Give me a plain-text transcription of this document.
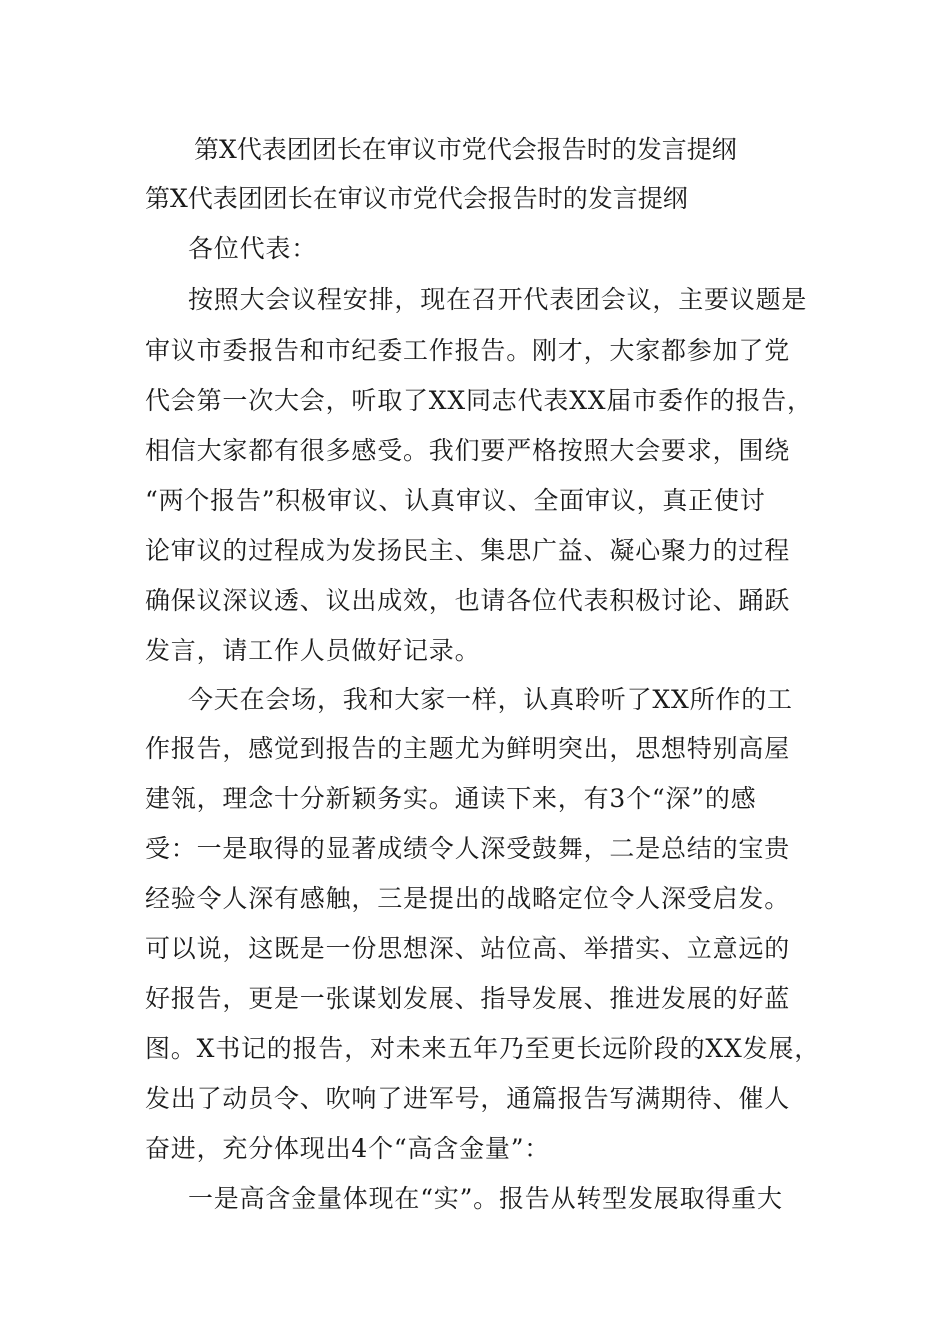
第X代表团团长在审议市党代会报告时的发言提纲
第X代表团团长在审议市党代会报告时的发言提纲
各位代表：
按照大会议程安排，现在召开代表团会议，主要议题是
审议市委报告和市纪委工作报告。刚才，大家都参加了党
代会第一次大会，听取了XX同志代表XX届市委作的报告，
相信大家都有很多感受。我们要严格按照大会要求，围绕
“两个报告”积极审议、认真审议、全面审议，真正使讨
论审议的过程成为发扬民主、集思广益、凝心聚力的过程
确保议深议透、议出成效，也请各位代表积极讨论、踊跃
发言，请工作人员做好记录。
今天在会场，我和大家一样，认真聆听了XX所作的工
作报告，感觉到报告的主题尤为鲜明突出，思想特别高屋
建瓴，理念十分新颖务实。通读下来，有3个“深”的感
受：一是取得的显著成绩令人深受鼓舞，二是总结的宝贵
经验令人深有感触，三是提出的战略定位令人深受启发。
可以说，这既是一份思想深、站位高、举措实、立意远的
好报告，更是一张谋划发展、指导发展、推进发展的好蓝
图。X书记的报告，对未来五年乃至更长远阶段的XX发展，
发出了动员令、吹响了进军号，通篇报告写满期待、催人
奋进，充分体现出4个“高含金量”：
一是高含金量体现在“实”。报告从转型发展取得重大
